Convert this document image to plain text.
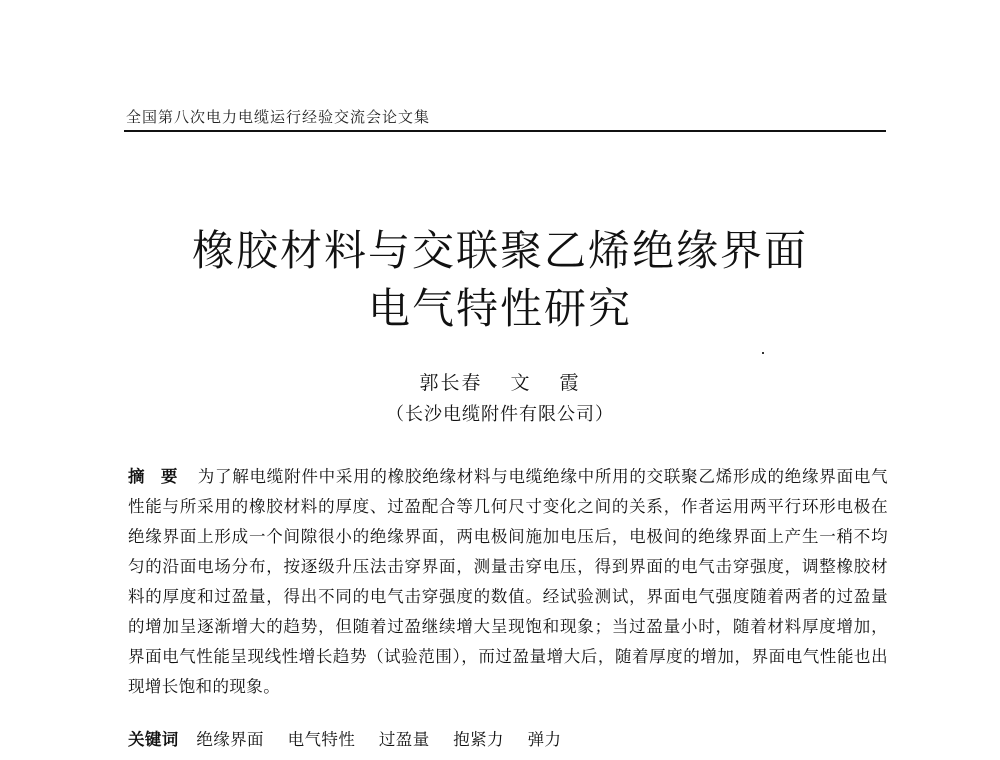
全国第八次电力电缆运行经验交流会论文集
橡胶材料与交联聚乙烯绝缘界面
电气特性研究
郭长春 文 霞
（长沙电缆附件有限公司）
摘要 为了解电缆附件中采用的橡胶绝缘材料与电缆绝缘中所用的交联聚乙烯形成的绝缘界面电气性能与所采用的橡胶材料的厚度、过盈配合等几何尺寸变化之间的关系，作者运用两平行环形电极在绝缘界面上形成一个间隙很小的绝缘界面，两电极间施加电压后，电极间的绝缘界面上产生一稍不均匀的沿面电场分布，按逐级升压法击穿界面，测量击穿电压，得到界面的电气击穿强度，调整橡胶材料的厚度和过盈量，得出不同的电气击穿强度的数值。经试验测试，界面电气强度随着两者的过盈量的增加呈逐渐增大的趋势，但随着过盈继续增大呈现饱和现象；当过盈量小时，随着材料厚度增加，界面电气性能呈现线性增长趋势（试验范围），而过盈量增大后，随着厚度的增加，界面电气性能也出现增长饱和的现象。
关键词 绝缘界面 电气特性 过盈量 抱紧力 弹力
